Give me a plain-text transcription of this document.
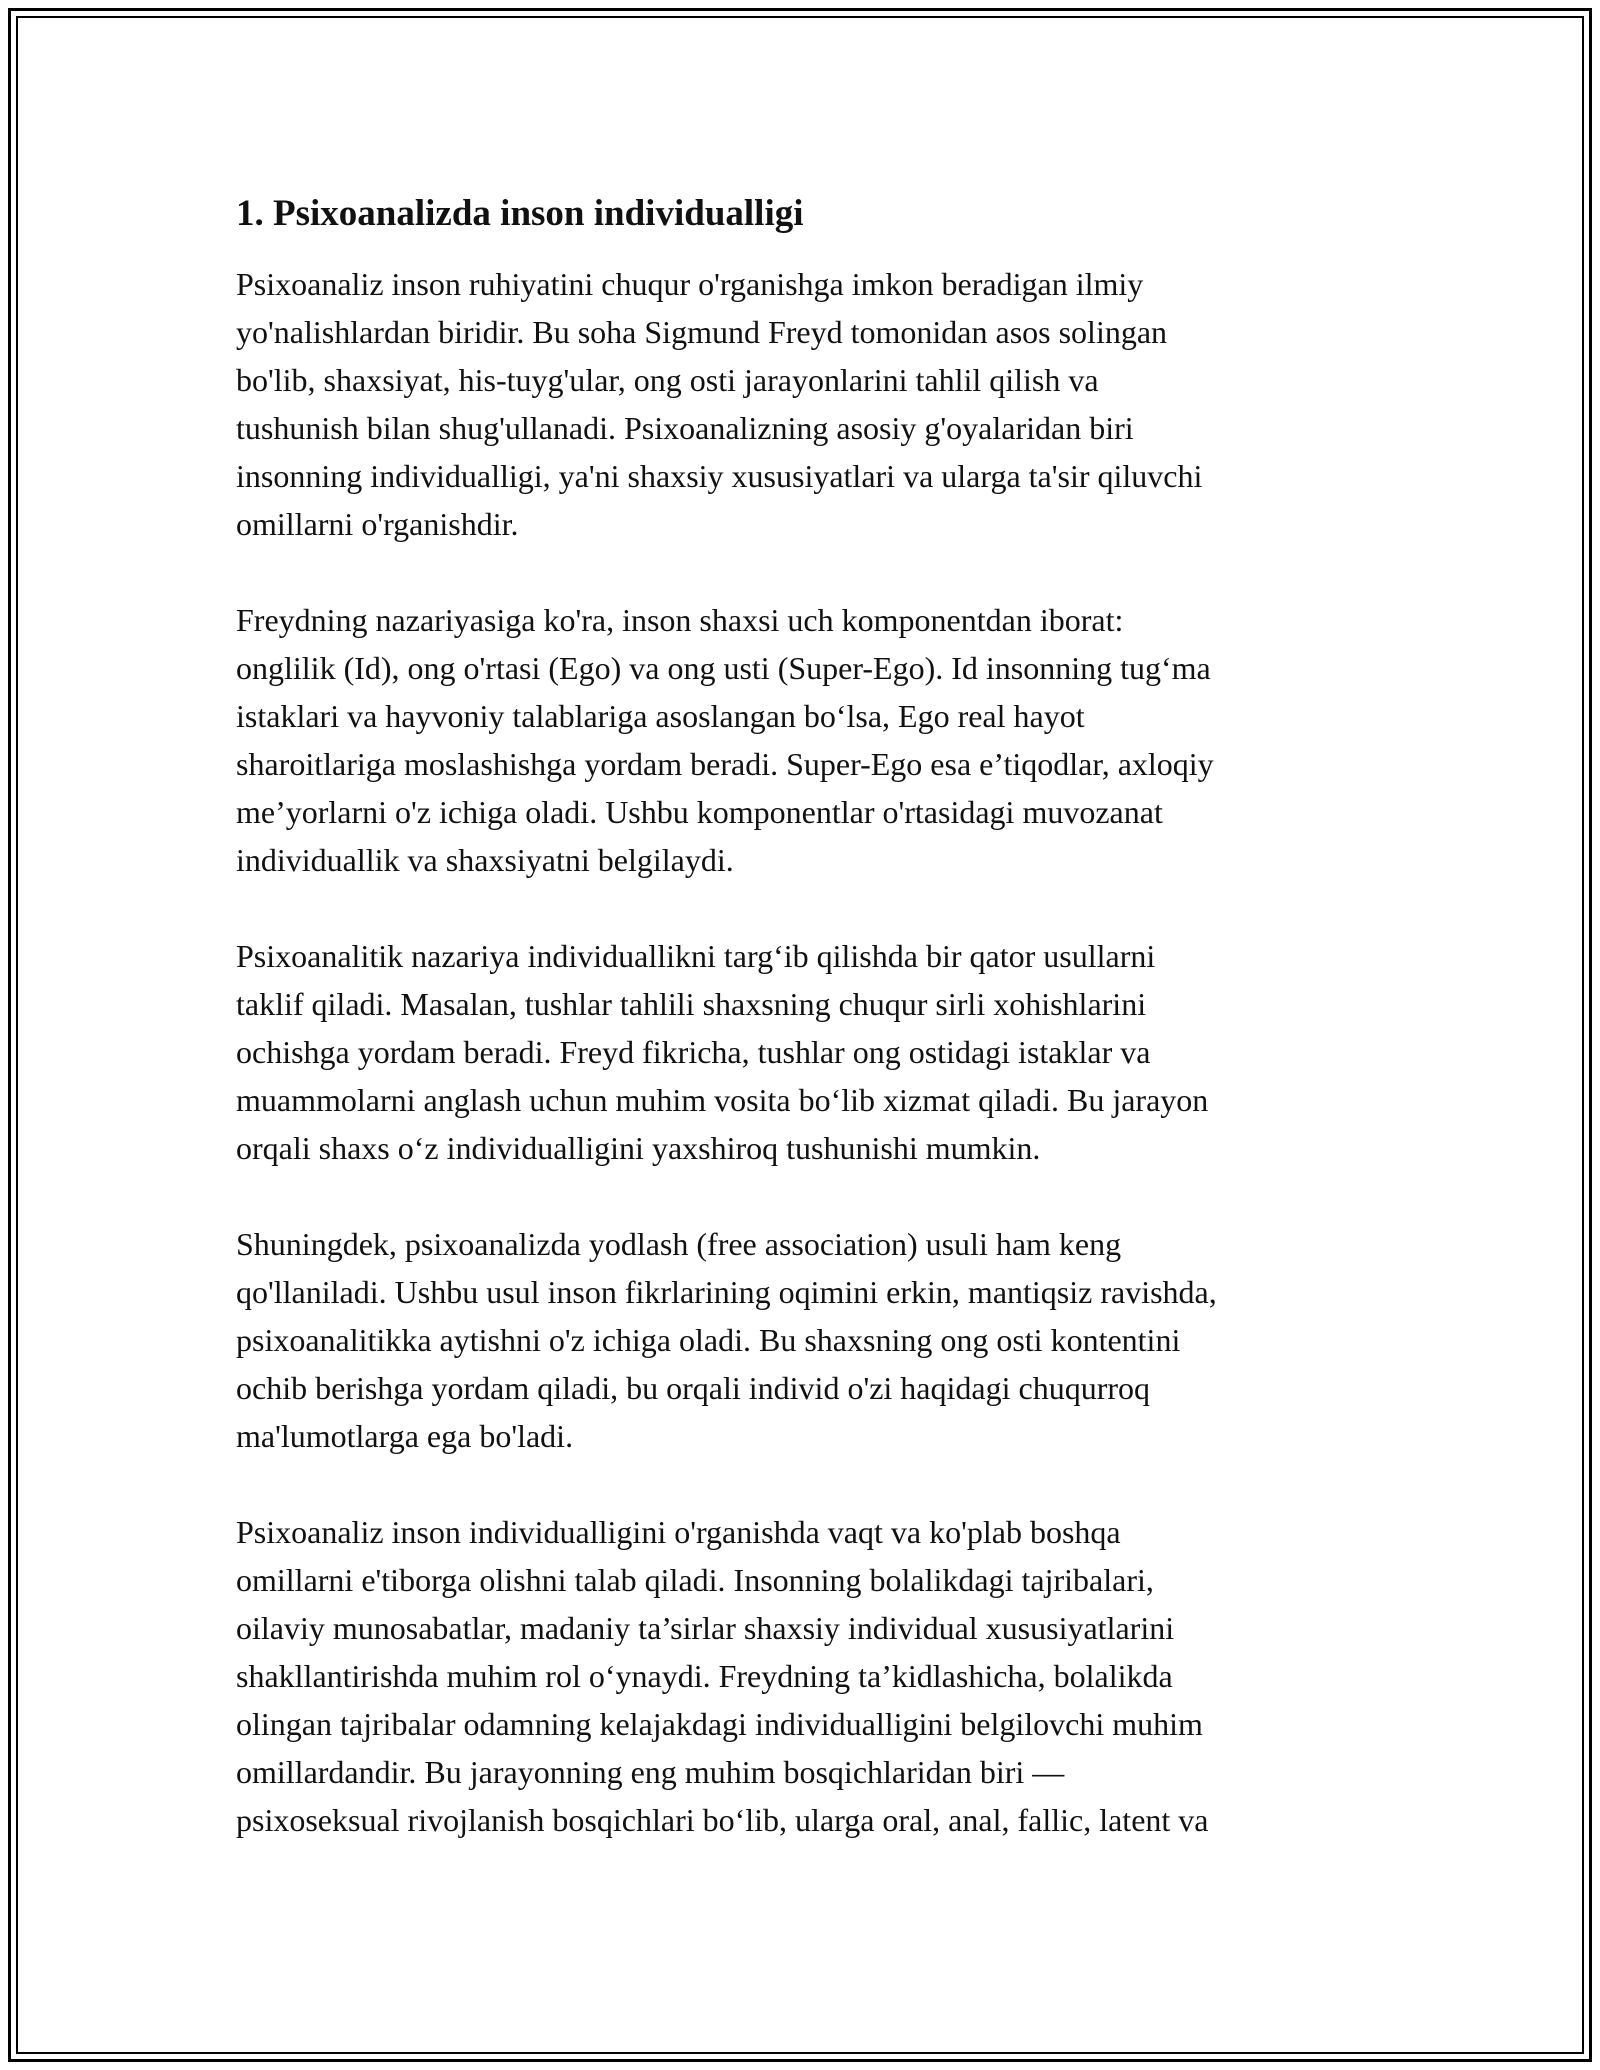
1. Psixoanalizda inson individualligi

Psixoanaliz inson ruhiyatini chuqur o'rganishga imkon beradigan ilmiy
yo'nalishlardan biridir. Bu soha Sigmund Freyd tomonidan asos solingan
bo'lib, shaxsiyat, his-tuyg'ular, ong osti jarayonlarini tahlil qilish va
tushunish bilan shug'ullanadi. Psixoanalizning asosiy g'oyalaridan biri
insonning individualligi, ya'ni shaxsiy xususiyatlari va ularga ta'sir qiluvchi
omillarni o'rganishdir.

Freydning nazariyasiga ko'ra, inson shaxsi uch komponentdan iborat:
onglilik (Id), ong o'rtasi (Ego) va ong usti (Super-Ego). Id insonning tug‘ma
istaklari va hayvoniy talablariga asoslangan bo‘lsa, Ego real hayot
sharoitlariga moslashishga yordam beradi. Super-Ego esa e’tiqodlar, axloqiy
me’yorlarni o'z ichiga oladi. Ushbu komponentlar o'rtasidagi muvozanat
individuallik va shaxsiyatni belgilaydi.

Psixoanalitik nazariya individuallikni targ‘ib qilishda bir qator usullarni
taklif qiladi. Masalan, tushlar tahlili shaxsning chuqur sirli xohishlarini
ochishga yordam beradi. Freyd fikricha, tushlar ong ostidagi istaklar va
muammolarni anglash uchun muhim vosita bo‘lib xizmat qiladi. Bu jarayon
orqali shaxs o‘z individualligini yaxshiroq tushunishi mumkin.

Shuningdek, psixoanalizda yodlash (free association) usuli ham keng
qo'llaniladi. Ushbu usul inson fikrlarining oqimini erkin, mantiqsiz ravishda,
psixoanalitikka aytishni o'z ichiga oladi. Bu shaxsning ong osti kontentini
ochib berishga yordam qiladi, bu orqali individ o'zi haqidagi chuqurroq
ma'lumotlarga ega bo'ladi.

Psixoanaliz inson individualligini o'rganishda vaqt va ko'plab boshqa
omillarni e'tiborga olishni talab qiladi. Insonning bolalikdagi tajribalari,
oilaviy munosabatlar, madaniy ta’sirlar shaxsiy individual xususiyatlarini
shakllantirishda muhim rol o‘ynaydi. Freydning ta’kidlashicha, bolalikda
olingan tajribalar odamning kelajakdagi individualligini belgilovchi muhim
omillardandir. Bu jarayonning eng muhim bosqichlaridan biri —
psixoseksual rivojlanish bosqichlari bo‘lib, ularga oral, anal, fallic, latent va
